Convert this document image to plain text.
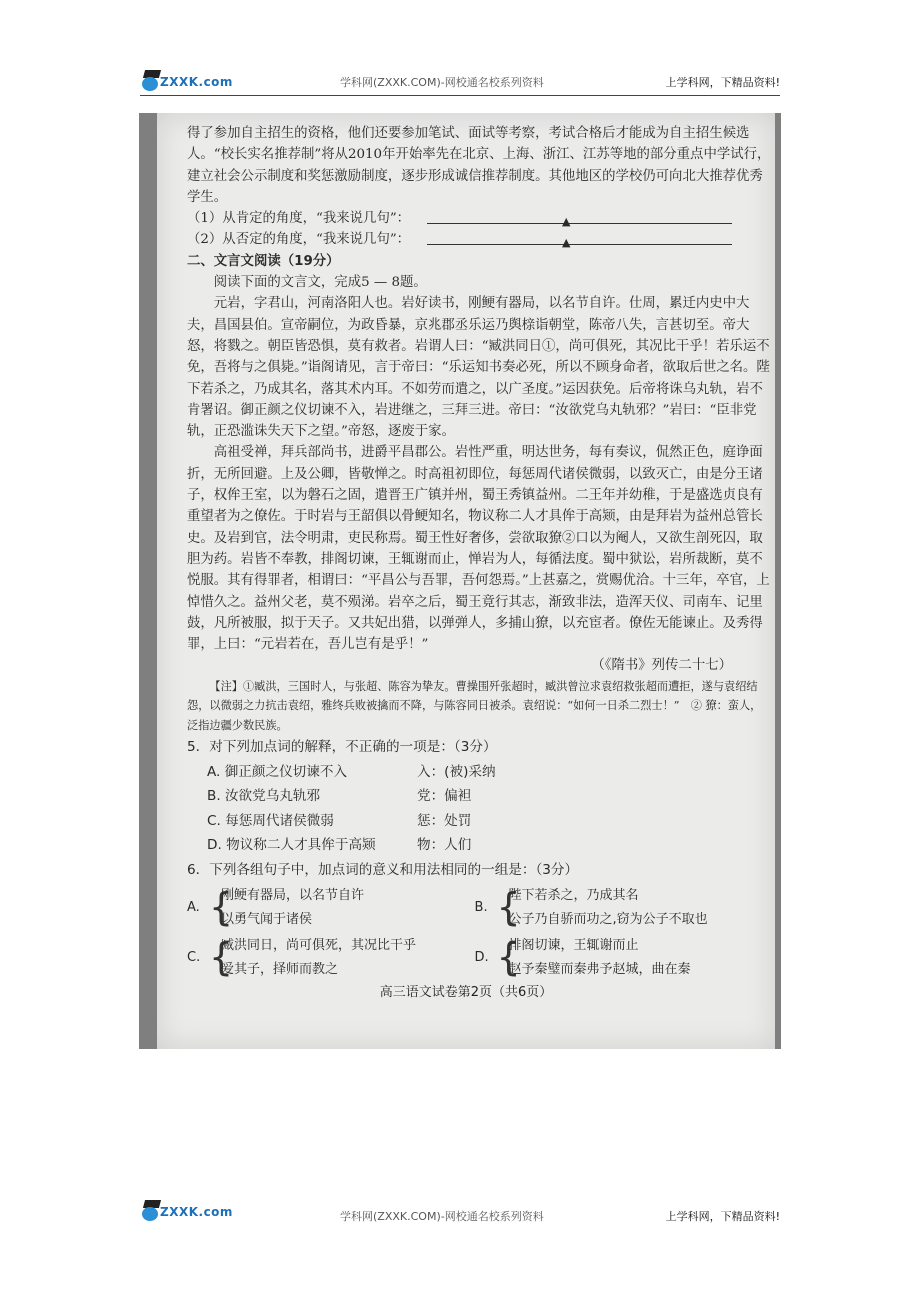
ZXXK.com	学科网(ZXXK.COM)-网校通名校系列资料	上学科网，下精品资料!

得了参加自主招生的资格，他们还要参加笔试、面试等考察，考试合格后才能成为自主招生候选人。“校长实名推荐制”将从2010年开始率先在北京、上海、浙江、江苏等地的部分重点中学试行，建立社会公示制度和奖惩激励制度，逐步形成诚信推荐制度。其他地区的学校仍可向北大推荐优秀学生。

（1）从肯定的角度，“我来说几句”：	▲
（2）从否定的角度，“我来说几句”：	▲

二、文言文阅读（19分）

阅读下面的文言文，完成5 — 8题。

元岩，字君山，河南洛阳人也。岩好读书，刚鲠有器局，以名节自许。仕周，累迁内史中大夫，昌国县伯。宣帝嗣位，为政昏暴，京兆郡丞乐运乃舆榇诣朝堂，陈帝八失，言甚切至。帝大怒，将戮之。朝臣皆恐惧，莫有救者。岩谓人曰：“臧洪同日①，尚可俱死，其况比干乎！若乐运不免，吾将与之俱毙。”诣阁请见，言于帝曰：“乐运知书奏必死，所以不顾身命者，欲取后世之名。陛下若杀之，乃成其名，落其术内耳。不如劳而遣之，以广圣度。”运因获免。后帝将诛乌丸轨，岩不肯署诏。御正颜之仪切谏不入，岩进继之，三拜三进。帝曰：“汝欲党乌丸轨邪？”岩曰：“臣非党轨，正恐滥诛失天下之望。”帝怒，逐废于家。

高祖受禅，拜兵部尚书，进爵平昌郡公。岩性严重，明达世务，每有奏议，侃然正色，庭诤面折，无所回避。上及公卿，皆敬惮之。时高祖初即位，每惩周代诸侯微弱，以致灭亡，由是分王诸子，权侔王室，以为磐石之固，遣晋王广镇并州，蜀王秀镇益州。二王年并幼稚，于是盛选贞良有重望者为之僚佐。于时岩与王韶俱以骨鲠知名，物议称二人才具侔于高颎，由是拜岩为益州总管长史。及岩到官，法令明肃，吏民称焉。蜀王性好奢侈，尝欲取獠②口以为阉人，又欲生剖死囚，取胆为药。岩皆不奉教，排阁切谏，王辄谢而止，惮岩为人，每循法度。蜀中狱讼，岩所裁断，莫不悦服。其有得罪者，相谓曰：“平昌公与吾罪，吾何怨焉。”上甚嘉之，赏赐优洽。十三年，卒官，上悼惜久之。益州父老，莫不殒涕。岩卒之后，蜀王竟行其志，渐致非法，造浑天仪、司南车、记里鼓，凡所被服，拟于天子。又共妃出猎，以弹弹人，多捕山獠，以充宦者。僚佐无能谏止。及秀得罪，上曰：“元岩若在，吾儿岂有是乎！”

（《隋书》列传二十七）

【注】①臧洪，三国时人，与张超、陈容为挚友。曹操围歼张超时，臧洪曾泣求袁绍救张超而遭拒，遂与袁绍结怨，以微弱之力抗击袁绍，雅终兵败被擒而不降，与陈容同日被杀。袁绍说：“如何一日杀二烈士！”　② 獠：蛮人，泛指边疆少数民族。

5．对下列加点词的解释，不正确的一项是：（3分）

A. 御正颜之仪切谏不入	入：(被)采纳
B. 汝欲党乌丸轨邪	党：偏袒
C. 每惩周代诸侯微弱	惩：处罚
D. 物议称二人才具侔于高颎	物：人们

6．下列各组句子中，加点词的意义和用法相同的一组是：（3分）

A. {
刚鲠有器局，以名节自许
以勇气闻于诸侯
B. {
陛下若杀之，乃成其名
公子乃自骄而功之,窃为公子不取也
C. {
臧洪同日，尚可俱死，其况比干乎
爱其子，择师而教之
D. {
排阁切谏，王辄谢而止
赵予秦璧而秦弗予赵城，曲在秦
高三语文试卷第2页（共6页）
ZXXK.com	学科网(ZXXK.COM)-网校通名校系列资料	上学科网，下精品资料!
